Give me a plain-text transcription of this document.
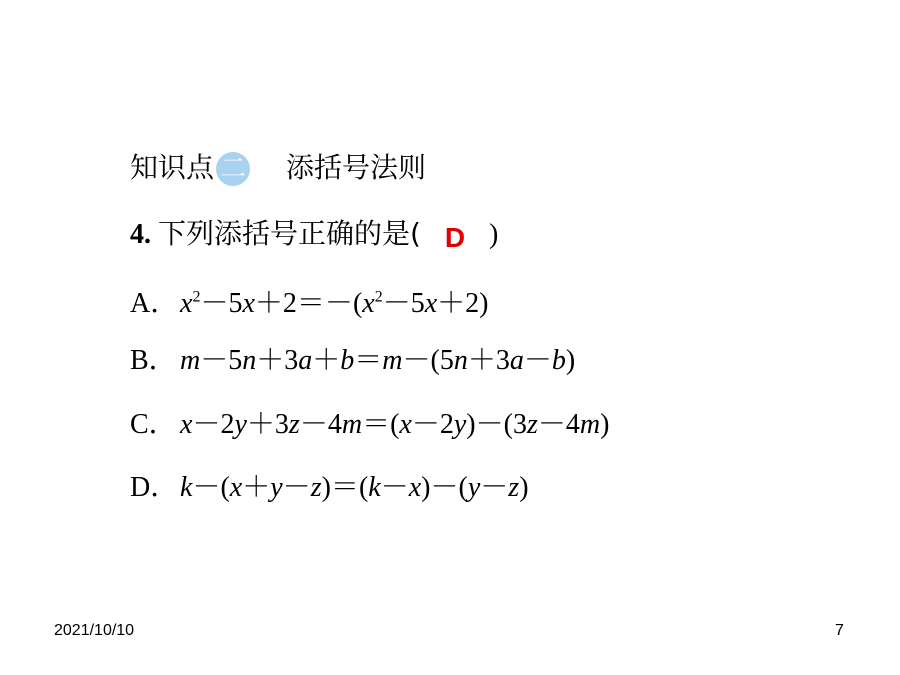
知识点 二 添括号法则
4. 下列添括号正确的是( D )
A．$x^2-5x+2=-(x^2-5x+2)$
B． m－5n＋3a＋b＝m－(5n＋3a－b)
C． x－2y＋3z－4m＝(x－2y)－(3z－4m)
D．k－(x＋y－z)＝(k－x)－(y－z)
2021/10/10	7
